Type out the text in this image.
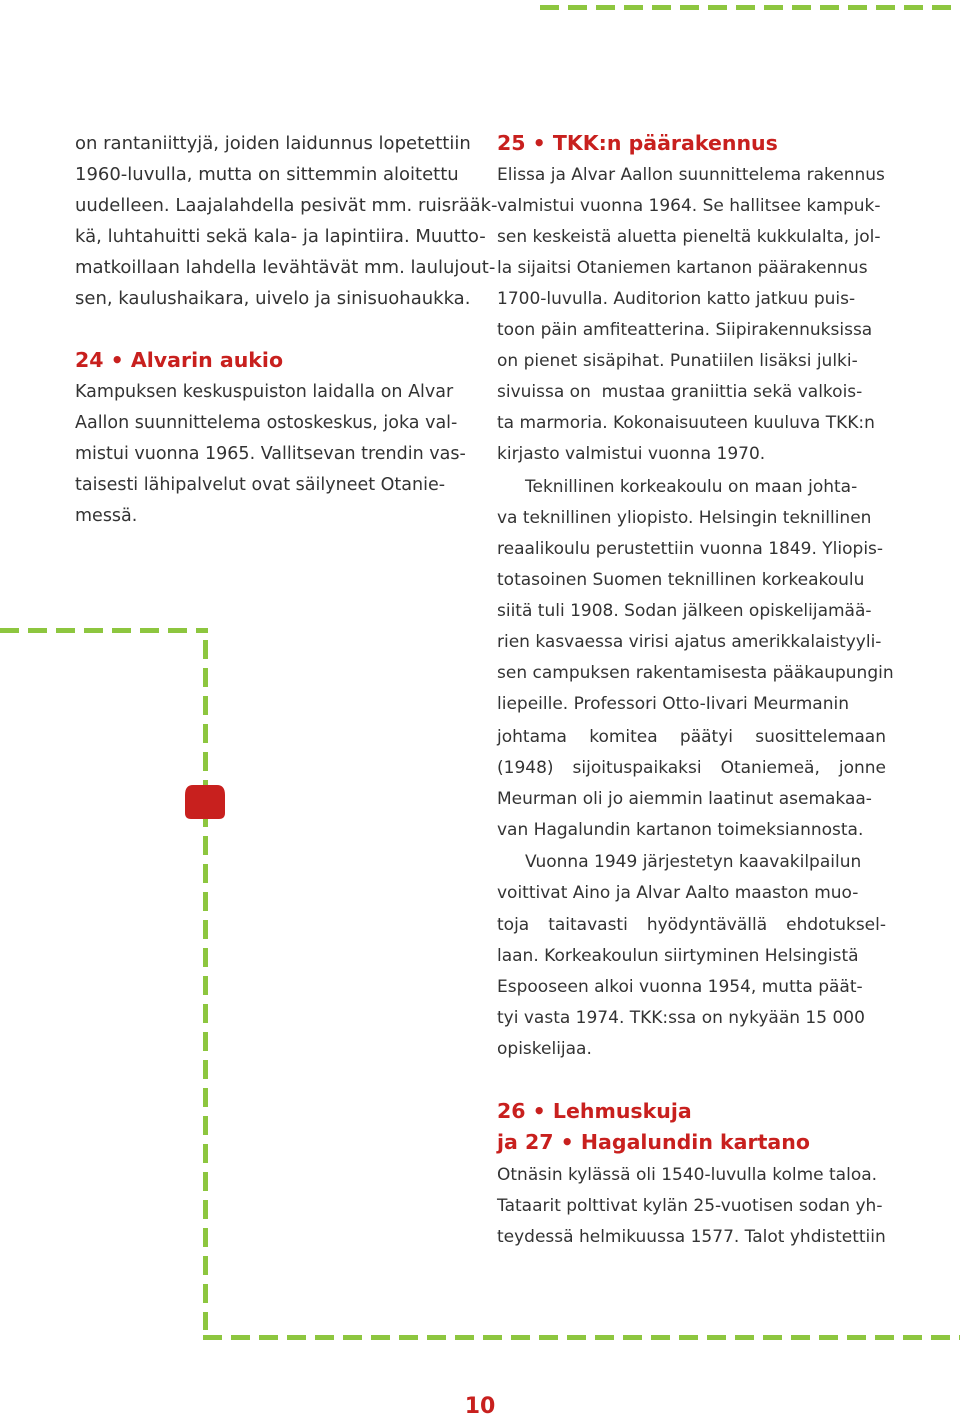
on rantaniittyjä, joiden laidunnus lopetettiin
1960-luvulla, mutta on sittemmin aloitettu
uudelleen. Laajalahdella pesivät mm. ruisrääk-
kä, luhtahuitti sekä kala- ja lapintiira. Muutto-
matkoillaan lahdella levähtävät mm. laulujout-
sen, kaulushaikara, uivelo ja sinisuohaukka.
24 • Alvarin aukio
Kampuksen keskuspuiston laidalla on Alvar
Aallon suunnittelema ostoskeskus, joka val-
mistui vuonna 1965. Vallitsevan trendin vas-
taisesti lähipalvelut ovat säilyneet Otanie-
messä.
25 • TKK:n päärakennus
Elissa ja Alvar Aallon suunnittelema rakennus
valmistui vuonna 1964. Se hallitsee kampuk-
sen keskeistä aluetta pieneltä kukkulalta, jol-
la sijaitsi Otaniemen kartanon päärakennus
1700-luvulla. Auditorion katto jatkuu puis-
toon päin amfiteatterina. Siipirakennuksissa
on pienet sisäpihat. Punatiilen lisäksi julki-
sivuissa on  mustaa graniittia sekä valkois-
ta marmoria. Kokonaisuuteen kuuluva TKK:n
kirjasto valmistui vuonna 1970.
Teknillinen korkeakoulu on maan johta-
va teknillinen yliopisto. Helsingin teknillinen
reaalikoulu perustettiin vuonna 1849. Yliopis-
totasoinen Suomen teknillinen korkeakoulu
siitä tuli 1908. Sodan jälkeen opiskelijamää-
rien kasvaessa virisi ajatus amerikkalaistyyli-
sen campuksen rakentamisesta pääkaupungin
liepeille. Professori Otto-Iivari Meurmanin
johtama komitea päätyi suosittelemaan
(1948) sijoituspaikaksi Otaniemeä, jonne
Meurman oli jo aiemmin laatinut asemakaa-
van Hagalundin kartanon toimeksiannosta.
Vuonna 1949 järjestetyn kaavakilpailun
voittivat Aino ja Alvar Aalto maaston muo-
toja taitavasti hyödyntävällä ehdotuksel-
laan. Korkeakoulun siirtyminen Helsingistä
Espooseen alkoi vuonna 1954, mutta päät-
tyi vasta 1974. TKK:ssa on nykyään 15 000
opiskelijaa.
26 • Lehmuskuja
ja 27 • Hagalundin kartano
Otnäsin kylässä oli 1540-luvulla kolme taloa.
Tataarit polttivat kylän 25-vuotisen sodan yh-
teydessä helmikuussa 1577. Talot yhdistettiin
10
